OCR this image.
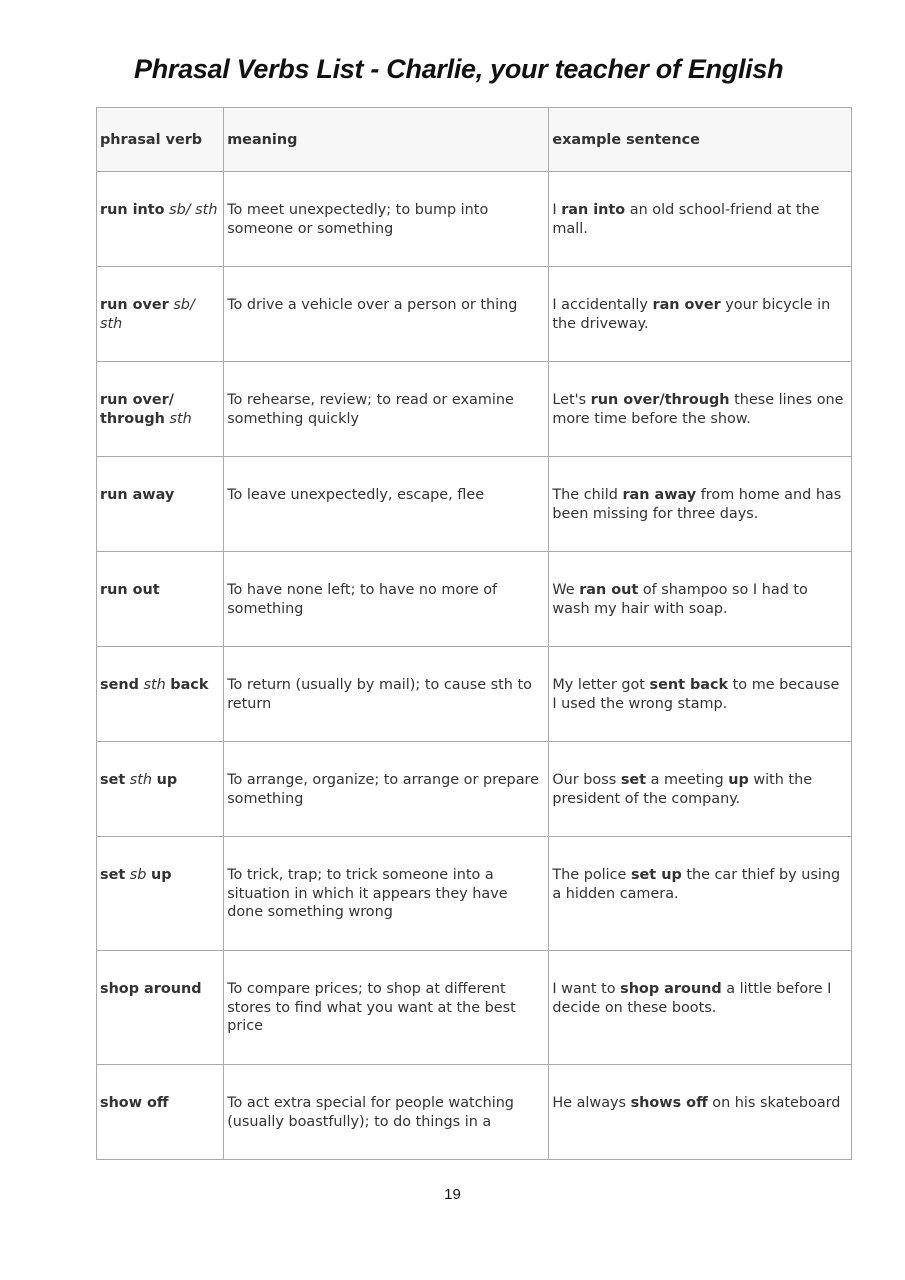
Phrasal Verbs List - Charlie, your teacher of English
phrasal verb	meaning	example sentence
run into sb/ sth	To meet unexpectedly; to bump into someone or something	I ran into an old school-friend at the mall.
run over sb/ sth	To drive a vehicle over a person or thing	I accidentally ran over your bicycle in the driveway.
run over/ through sth	To rehearse, review; to read or examine something quickly	Let's run over/through these lines one more time before the show.
run away	To leave unexpectedly, escape, flee	The child ran away from home and has been missing for three days.
run out	To have none left; to have no more of something	We ran out of shampoo so I had to wash my hair with soap.
send sth back	To return (usually by mail); to cause sth to return	My letter got sent back to me because I used the wrong stamp.
set sth up	To arrange, organize; to arrange or prepare something	Our boss set a meeting up with the president of the company.
set sb up	To trick, trap; to trick someone into a situation in which it appears they have done something wrong	The police set up the car thief by using a hidden camera.
shop around	To compare prices; to shop at different stores to find what you want at the best price	I want to shop around a little before I decide on these boots.
show off	To act extra special for people watching (usually boastfully); to do things in a	He always shows off on his skateboard
19
